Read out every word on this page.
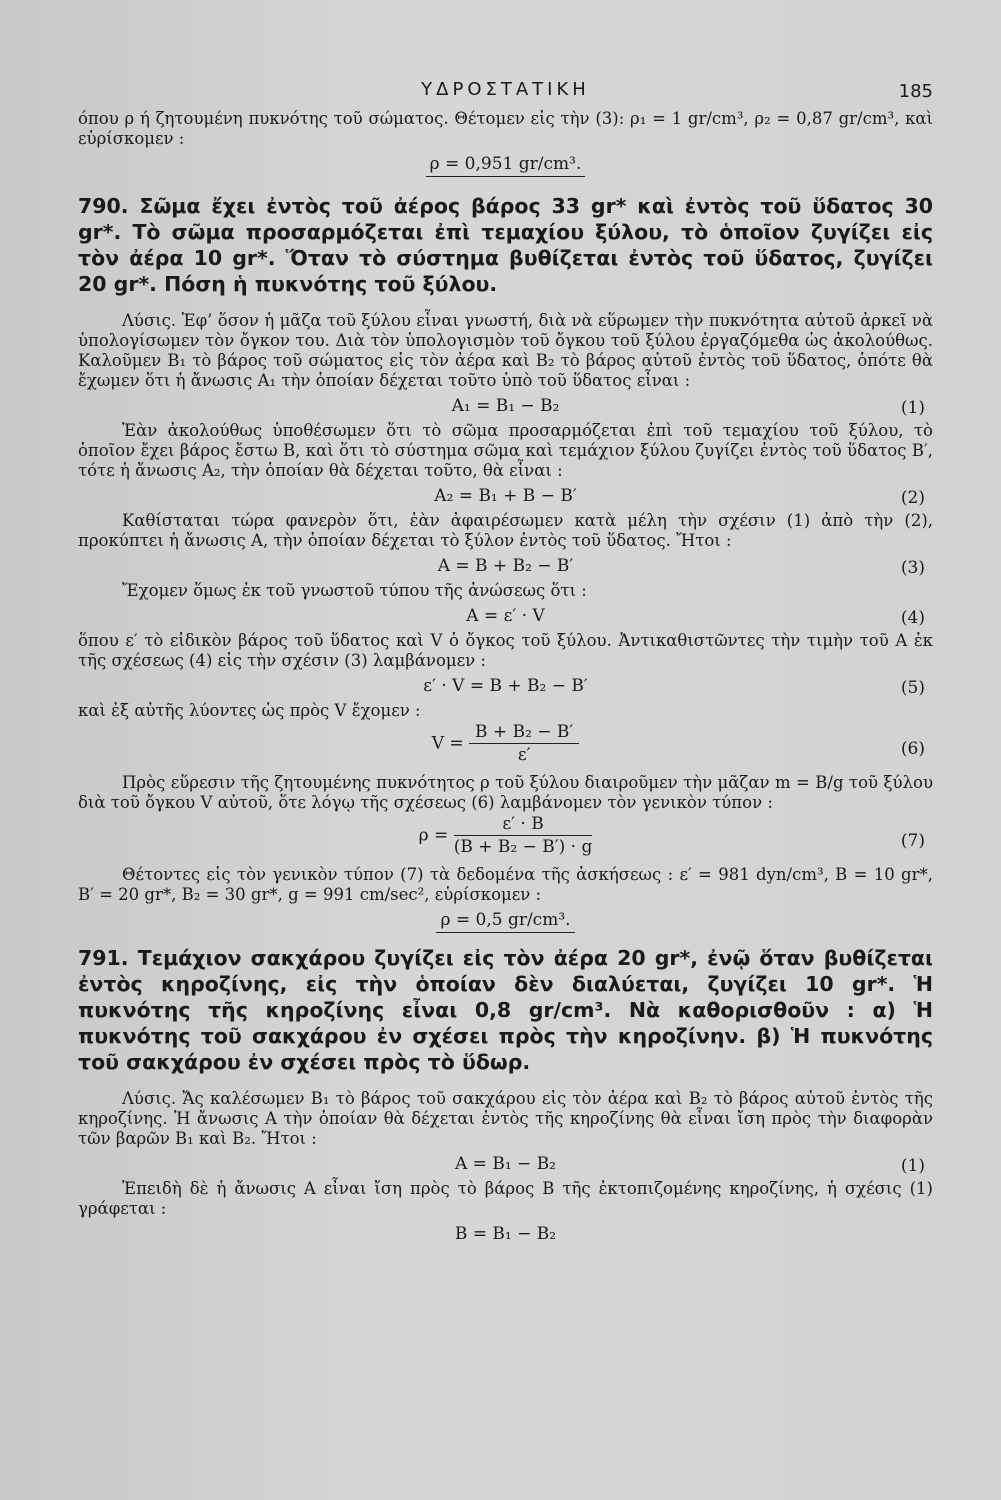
ΥΔΡΟΣΤΑΤΙΚΗ	185

όπου ρ ή ζητουμένη πυκνότης τοῦ σώματος. Θέτομεν εἰς τὴν (3): ρ₁ = 1 gr/cm³, ρ₂ = 0,87 gr/cm³, καὶ εὑρίσκομεν :

ρ = 0,951 gr/cm³.

790. Σῶμα ἔχει ἐντὸς τοῦ ἀέρος βάρος 33 gr* καὶ ἐντὸς τοῦ ὕδατος 30 gr*. Τὸ σῶμα προσαρμόζεται ἐπὶ τεμαχίου ξύλου, τὸ ὁποῖον ζυγίζει εἰς τὸν ἀέρα 10 gr*. Ὅταν τὸ σύστημα βυθίζεται ἐντὸς τοῦ ὕδατος, ζυγίζει 20 gr*. Πόση ἡ πυκνότης τοῦ ξύλου.

Λύσις. Ἐφ’ ὅσον ἡ μᾶζα τοῦ ξύλου εἶναι γνωστή, διὰ νὰ εὕρωμεν τὴν πυκνότητα αὐτοῦ ἀρκεῖ νὰ ὑπολογίσωμεν τὸν ὄγκον του. Διὰ τὸν ὑπολογισμὸν τοῦ ὄγκου τοῦ ξύλου ἐργαζόμεθα ὡς ἀκολούθως. Καλοῦμεν B₁ τὸ βάρος τοῦ σώματος εἰς τὸν ἀέρα καὶ B₂ τὸ βάρος αὐτοῦ ἐντὸς τοῦ ὕδατος, ὁπότε θὰ ἔχωμεν ὅτι ἡ ἄνωσις A₁ τὴν ὁποίαν δέχεται τοῦτο ὑπὸ τοῦ ὕδατος εἶναι :

A₁ = B₁ − B₂	(1)

Ἐὰν ἀκολούθως ὑποθέσωμεν ὅτι τὸ σῶμα προσαρμόζεται ἐπὶ τοῦ τεμαχίου τοῦ ξύλου, τὸ ὁποῖον ἔχει βάρος ἔστω B, καὶ ὅτι τὸ σύστημα σῶμα καὶ τεμάχιον ξύλου ζυγίζει ἐντὸς τοῦ ὕδατος B′, τότε ἡ ἄνωσις A₂, τὴν ὁποίαν θὰ δέχεται τοῦτο, θὰ εἶναι :

A₂ = B₁ + B − B′	(2)

Καθίσταται τώρα φανερὸν ὅτι, ἐὰν ἀφαιρέσωμεν κατὰ μέλη τὴν σχέσιν (1) ἀπὸ τὴν (2), προκύπτει ἡ ἄνωσις A, τὴν ὁποίαν δέχεται τὸ ξύλον ἐντὸς τοῦ ὕδατος. Ἤτοι :

A = B + B₂ − B′	(3)

Ἔχομεν ὅμως ἐκ τοῦ γνωστοῦ τύπου τῆς ἀνώσεως ὅτι :

A = ε′ · V	(4)

ὅπου ε′ τὸ εἰδικὸν βάρος τοῦ ὕδατος καὶ V ὁ ὄγκος τοῦ ξύλου. Ἀντικαθιστῶντες τὴν τιμὴν τοῦ A ἐκ τῆς σχέσεως (4) εἰς τὴν σχέσιν (3) λαμβάνομεν :

ε′ · V = B + B₂ − B′	(5)

καὶ ἐξ αὐτῆς λύοντες ὡς πρὸς V ἔχομεν :

$V = \frac{\text{B + B₂ − B′}}{\varepsilon'}$	(6)

Πρὸς εὕρεσιν τῆς ζητουμένης πυκνότητος ρ τοῦ ξύλου διαιροῦμεν τὴν μᾶζαν m = B/g τοῦ ξύλου διὰ τοῦ ὄγκου V αὐτοῦ, ὅτε λόγῳ τῆς σχέσεως (6) λαμβάνομεν τὸν γενικὸν τύπον :

$\rho = \frac{\varepsilon' \cdot B}{\text{(B + B₂ − B′) · g}}$	(7)

Θέτοντες εἰς τὸν γενικὸν τύπον (7) τὰ δεδομένα τῆς ἀσκήσεως : ε′ = 981 dyn/cm³, B = 10 gr*, B′ = 20 gr*, B₂ = 30 gr*, g = 991 cm/sec², εὑρίσκομεν :

ρ = 0,5 gr/cm³.

791. Τεμάχιον σακχάρου ζυγίζει εἰς τὸν ἀέρα 20 gr*, ἐνῷ ὅταν βυθίζεται ἐντὸς κηροζίνης, εἰς τὴν ὁποίαν δὲν διαλύεται, ζυγίζει 10 gr*. Ἡ πυκνότης τῆς κηροζίνης εἶναι 0,8 gr/cm³. Νὰ καθορισθοῦν : α) Ἡ πυκνότης τοῦ σακχάρου ἐν σχέσει πρὸς τὴν κηροζίνην. β) Ἡ πυκνότης τοῦ σακχάρου ἐν σχέσει πρὸς τὸ ὕδωρ.

Λύσις. Ἄς καλέσωμεν B₁ τὸ βάρος τοῦ σακχάρου εἰς τὸν ἀέρα καὶ B₂ τὸ βάρος αὐτοῦ ἐντὸς τῆς κηροζίνης. Ἡ ἄνωσις A τὴν ὁποίαν θὰ δέχεται ἐντὸς τῆς κηροζίνης θὰ εἶναι ἴση πρὸς τὴν διαφορὰν τῶν βαρῶν B₁ καὶ B₂. Ἤτοι :

A = B₁ − B₂	(1)

Ἐπειδὴ δὲ ἡ ἄνωσις A εἶναι ἴση πρὸς τὸ βάρος B τῆς ἐκτοπιζομένης κηροζίνης, ἡ σχέσις (1) γράφεται :

B = B₁ − B₂
